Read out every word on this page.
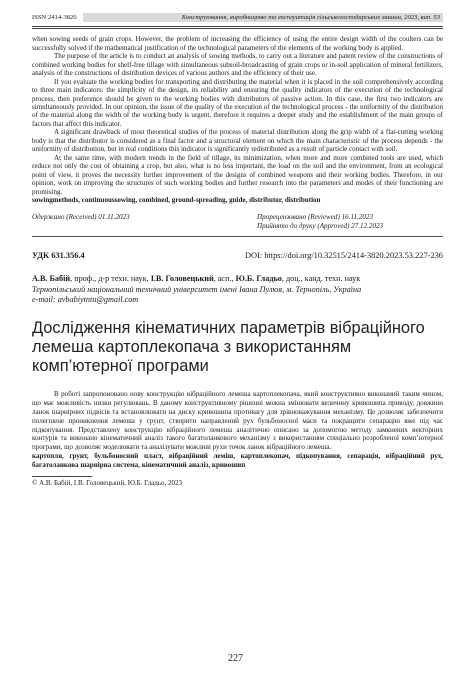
ISSN 2414-3820	Конструювання, виробництво та експлуатація сільськогосподарських машин, 2023, вип. 53

when sowing seeds of grain crops. However, the problem of increasing the efficiency of using the entire design width of the coulters can be successfully solved if the mathematical justification of the technological parameters of the elements of the working body is applied.

The purpose of the article is to conduct an analysis of sowing methods, to carry out a literature and patent review of the constructions of combined working bodies for shelf-free tillage with simultaneous subsoil-broadcasting of grain crops or in-soil application of mineral fertilizers, analysis of the constructions of distribution devices of various authors and the efficiency of their use.

If you evaluate the working bodies for transporting and distributing the material when it is placed in the soil comprehensively according to three main indicators: the simplicity of the design, its reliability and ensuring the quality indicators of the execution of the technological process, then preference should be given to the working bodies with distributors of passive action. In this case, the first two indicators are simultaneously provided. In our opinion, the issue of the quality of the execution of the technological process - the uniformity of the distribution of the material along the width of the working body is urgent, therefore it requires a deeper study and the establishment of the main groups of factors that affect this indicator.

A significant drawback of most theoretical studies of the process of material distribution along the grip width of a flat-cutting working body is that the distributor is considered as a final factor and a structural element on which the main characteristic of the process depends - the uniformity of distribution, but in real conditions this indicator is significantly redistributed as a result of particle contact with soil.

At the same time, with modern trends in the field of tillage, its minimization, when more and more combined tools are used, which reduce not only the cost of obtaining a crop, but also, what is no less important, the load on the soil and the environment, from an ecological point of view, it proves the necessity further improvement of the designs of combined weapons and their working bodies. Therefore, in our opinion, work on improving the structures of such working bodies and further research into the parameters and modes of their functioning are promising.

sowingmethods, continuoussowing, combined, ground-spreading, guide, distributor, distribution
Одержано (Received) 01.11.2023	Прорецензовано (Reviewed) 16.11.2023
Прийнято до друку (Approved) 27.12.2023
УДК 631.356.4	DOI: https://doi.org/10.32515/2414-3820.2023.53.227-236
А.В. Бабій, проф., д-р техн. наук, І.В. Головецький, асп., Ю.Б. Гладьо, доц., канд. техн. наук
Тернопільський національний технічний університет імені Івана Пулюя, м. Тернопіль, Україна
e-mail: avbabiytntu@gmail.com
Дослідження кінематичних параметрів вібраційного лемеша картоплекопача з використанням комп’ютерної програми

В роботі запропоновано нову конструкцію вібраційного лемеша картоплекопача, який конструктивно виконаний таким чином, що має можливість низки регулювань. В даному конструктивному рішенні можна змінювати величину кривошипа приводу, довжини ланок шарнірних підвісів та встановлювати на диску кривошипа противагу для зрівноважування механізму. Це дозволяє забезпечити полегшене проникнення лемеша у грунт, створити направлений рух бульбоносної маси та покращити сепарацію вже під час підкопування. Представлену конструкцію вібраційного лемеша аналітично описано за допомогою методу замкнених векторних контурів та виконано кінематичний аналіз такого багатоланкового механізму з використанням спеціально розробленої комп’ютерної програми, що дозволяє моделювати та аналізувати можливі рухи точок ланок вібраційного лемеша.

картопля, грунт, бульбоносний пласт, вібраційний леміш, картоплекопач, підкопування, сепарація, вібраційний рух, багатоланкова шарнірна система, кінематичний аналіз, кривошип
© А.В. Бабій, І.В. Головецький, Ю.Б. Гладьо, 2023
227
